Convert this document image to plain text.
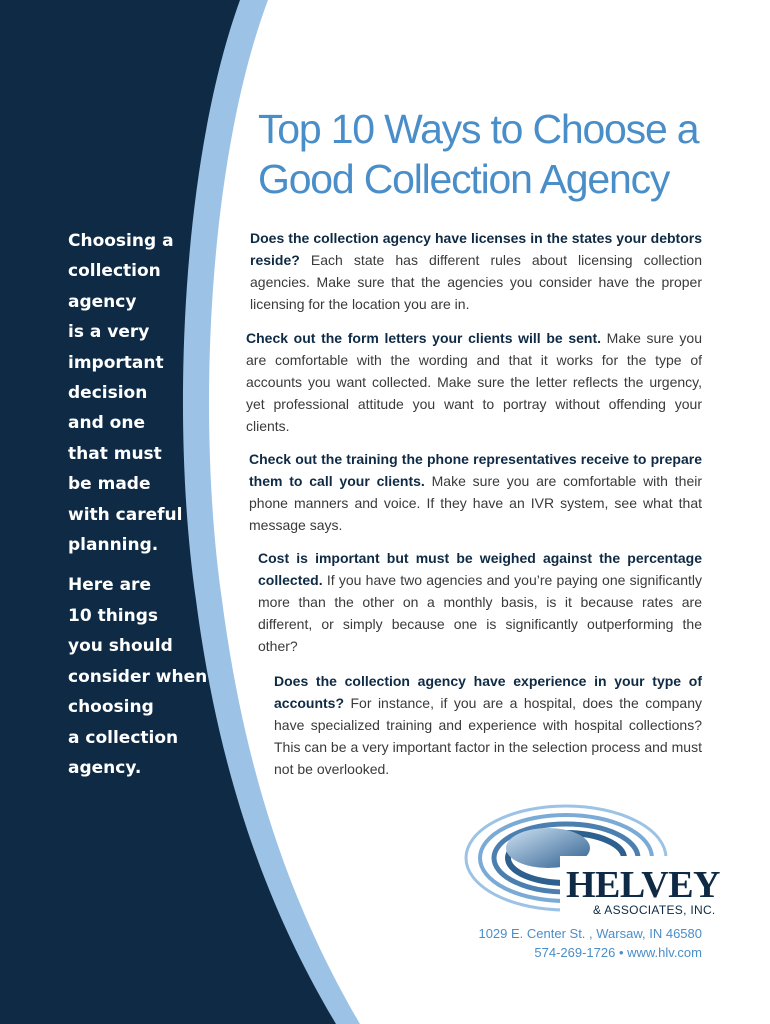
Top 10 Ways to Choose a
Good Collection Agency
Choosing a
collection
agency
is a very
important
decision
and one
that must
be made
with careful
planning.
Here are
10 things
you should
consider when
choosing
a collection
agency.

Does the collection agency have licenses in the states your debtors reside? Each state has different rules about licensing collection agencies. Make sure that the agencies you consider have the proper licensing for the location you are in.

Check out the form letters your clients will be sent. Make sure you are comfortable with the wording and that it works for the type of accounts you want collected. Make sure the letter reflects the urgency, yet professional attitude you want to portray without offending your clients.

Check out the training the phone representatives receive to prepare them to call your clients. Make sure you are comfortable with their phone manners and voice. If they have an IVR system, see what that message says.

Cost is important but must be weighed against the percentage collected. If you have two agencies and you’re paying one significantly more than the other on a monthly basis, is it because rates are different, or simply because one is significantly outperforming the other?

Does the collection agency have experience in your type of accounts? For instance, if you are a hospital, does the company have specialized training and experience with hospital collections? This can be a very important factor in the selection process and must not be overlooked.

HELVEY
& ASSOCIATES, INC.
1029 E. Center St. , Warsaw, IN 46580
574-269-1726 • www.hlv.com
